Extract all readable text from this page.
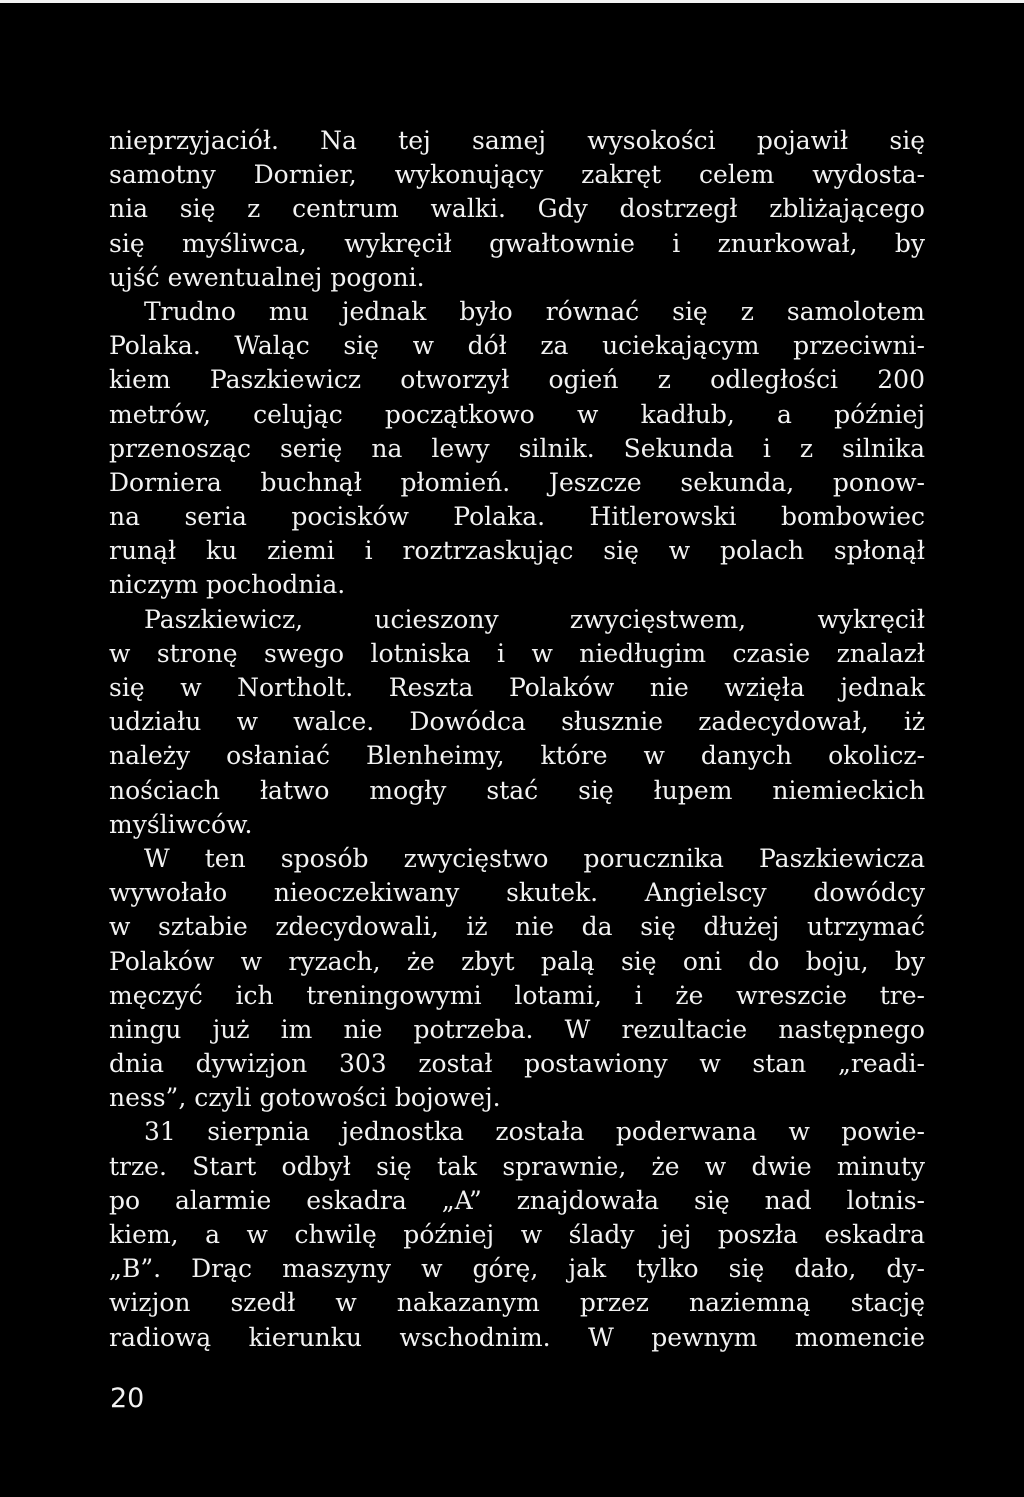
nieprzyjaciół. Na tej samej wysokości pojawił się
samotny Dornier, wykonujący zakręt celem wydosta-
nia się z centrum walki. Gdy dostrzegł zbliżającego
się myśliwca, wykręcił gwałtownie i znurkował, by
ujść ewentualnej pogoni.
Trudno mu jednak było równać się z samolotem
Polaka. Waląc się w dół za uciekającym przeciwni-
kiem Paszkiewicz otworzył ogień z odległości 200
metrów, celując początkowo w kadłub, a później
przenosząc serię na lewy silnik. Sekunda i z silnika
Dorniera buchnął płomień. Jeszcze sekunda, ponow-
na seria pocisków Polaka. Hitlerowski bombowiec
runął ku ziemi i roztrzaskując się w polach spłonął
niczym pochodnia.
Paszkiewicz, ucieszony zwycięstwem, wykręcił
w stronę swego lotniska i w niedługim czasie znalazł
się w Northolt. Reszta Polaków nie wzięła jednak
udziału w walce. Dowódca słusznie zadecydował, iż
należy osłaniać Blenheimy, które w danych okolicz-
nościach łatwo mogły stać się łupem niemieckich
myśliwców.
W ten sposób zwycięstwo porucznika Paszkiewicza
wywołało nieoczekiwany skutek. Angielscy dowódcy
w sztabie zdecydowali, iż nie da się dłużej utrzymać
Polaków w ryzach, że zbyt palą się oni do boju, by
męczyć ich treningowymi lotami, i że wreszcie tre-
ningu już im nie potrzeba. W rezultacie następnego
dnia dywizjon 303 został postawiony w stan „readi-
ness”, czyli gotowości bojowej.
31 sierpnia jednostka została poderwana w powie-
trze. Start odbył się tak sprawnie, że w dwie minuty
po alarmie eskadra „A” znajdowała się nad lotnis-
kiem, a w chwilę później w ślady jej poszła eskadra
„B”. Drąc maszyny w górę, jak tylko się dało, dy-
wizjon szedł w nakazanym przez naziemną stację
radiową kierunku wschodnim. W pewnym momencie
20
